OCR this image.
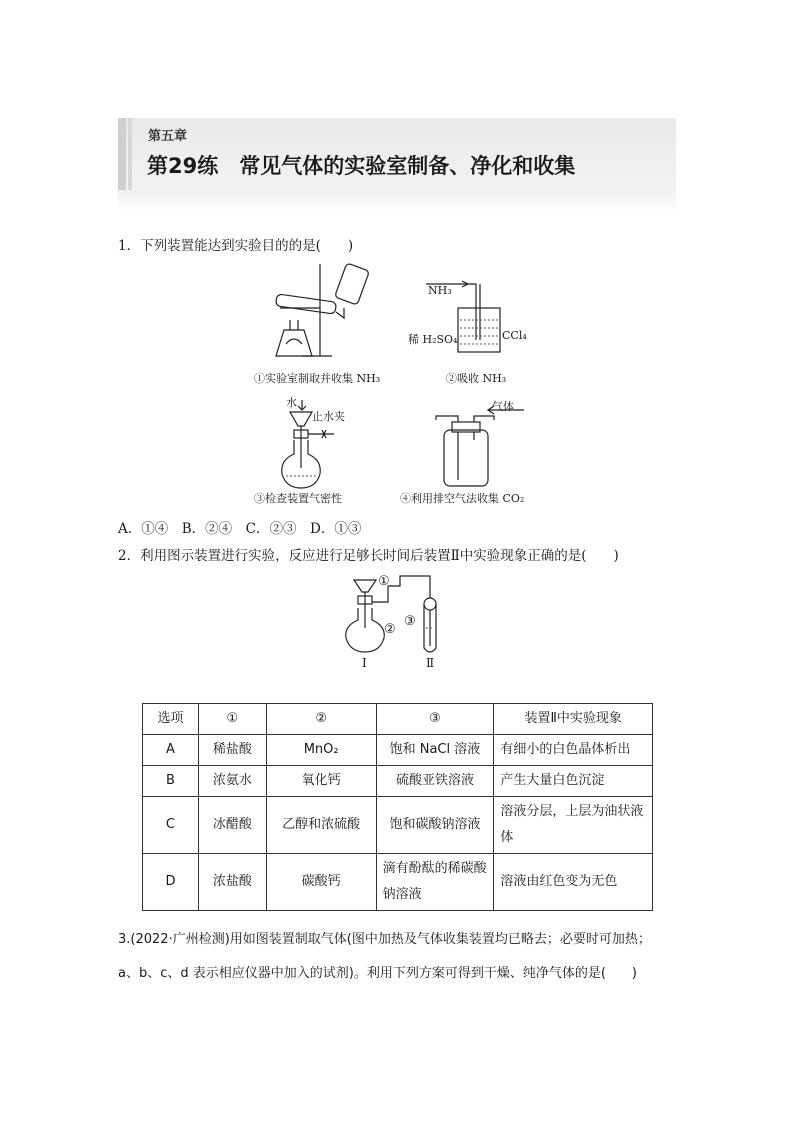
第五章
第29练　常见气体的实验室制备、净化和收集
1．下列装置能达到实验目的的是(　　)
①实验室制取并收集 NH₃
NH₃
稀 H₂SO₄	CCl₄
②吸收 NH₃
水
止水夹
③检查装置气密性
气体
④利用排空气法收集 CO₂
A．①④　B．②④　C．②③　D．①③
2．利用图示装置进行实验，反应进行足够长时间后装置Ⅱ中实验现象正确的是(　　)
①
②
③
Ⅰ	Ⅱ
选项	①	②	③	装置Ⅱ中实验现象
A	稀盐酸	MnO₂	饱和 NaCl 溶液	有细小的白色晶体析出
B	浓氨水	氧化钙	硫酸亚铁溶液	产生大量白色沉淀
C	冰醋酸	乙醇和浓硫酸	饱和碳酸钠溶液	溶液分层，上层为油状液体
D	浓盐酸	碳酸钙	滴有酚酞的稀碳酸钠溶液	溶液由红色变为无色
3.(2022·广州检测)用如图装置制取气体(图中加热及气体收集装置均已略去；必要时可加热；
a、b、c、d 表示相应仪器中加入的试剂)。利用下列方案可得到干燥、纯净气体的是(　　)
